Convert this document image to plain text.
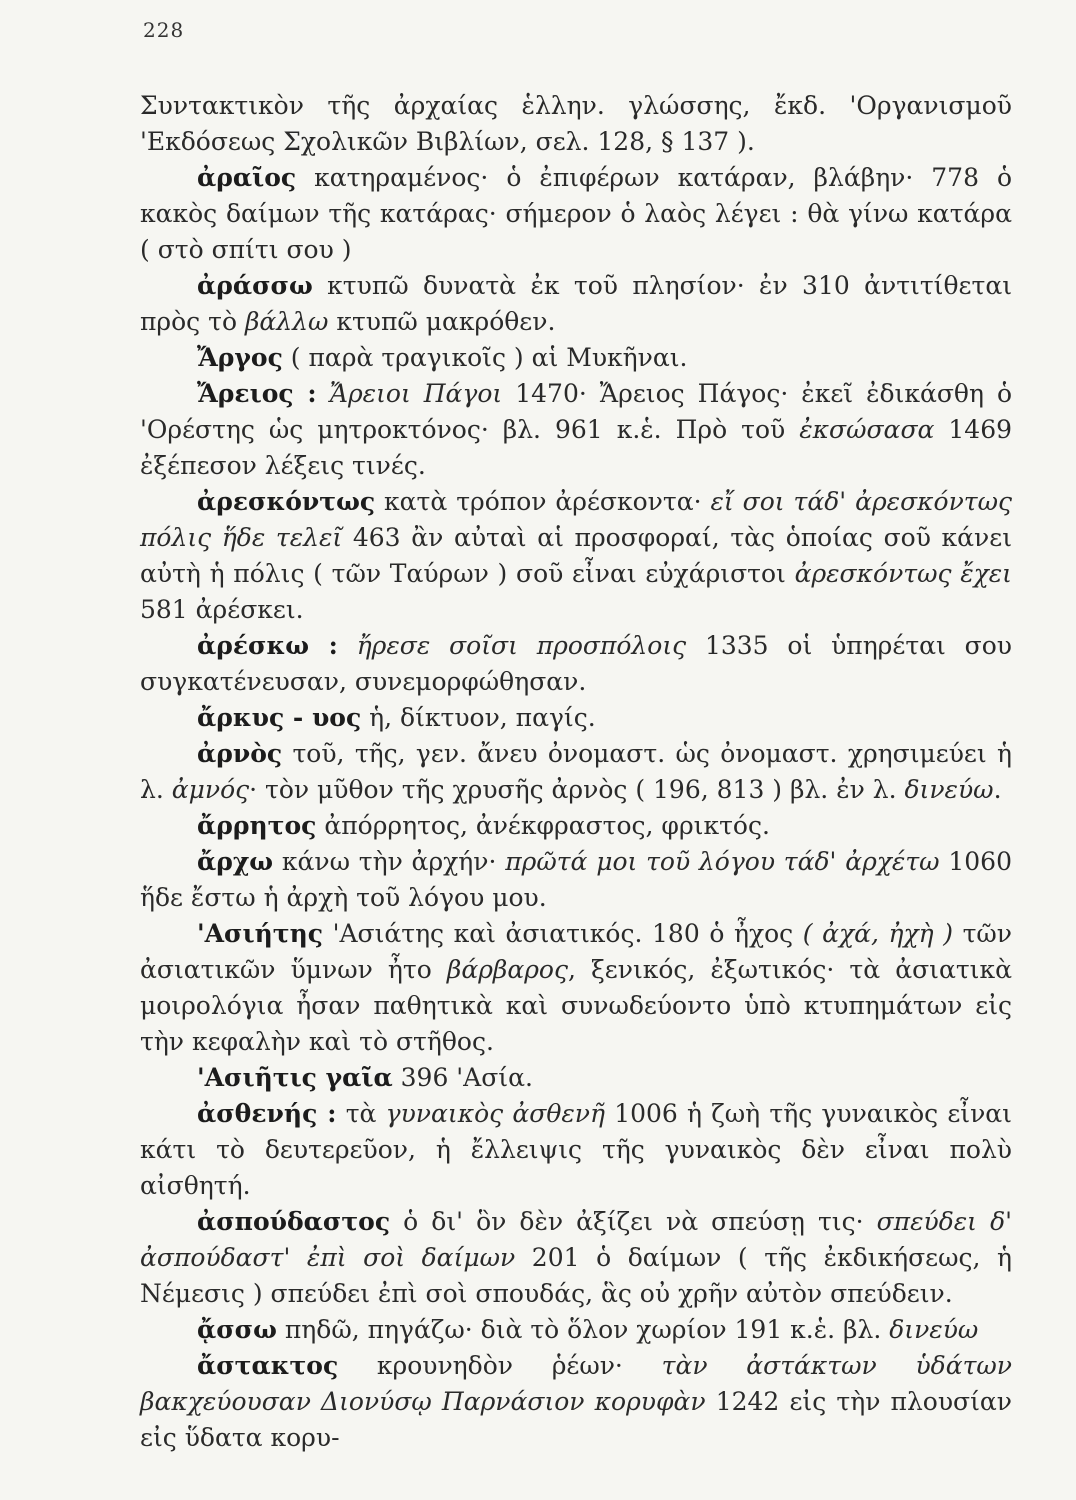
228

Συντακτικὸν τῆς ἀρχαίας ἑλλην. γλώσσης, ἔκδ. 'Οργανισμοῦ 'Εκδόσεως Σχολικῶν Βιβλίων, σελ. 128, § 137 ).

ἀραῖος κατηραμένος· ὁ ἐπιφέρων κατάραν, βλάβην· 778 ὁ κακὸς δαίμων τῆς κατάρας· σήμερον ὁ λαὸς λέγει : θὰ γίνω κατάρα ( στὸ σπίτι σου )

ἀράσσω κτυπῶ δυνατὰ ἐκ τοῦ πλησίον· ἐν 310 ἀντιτίθεται πρὸς τὸ βάλλω κτυπῶ μακρόθεν.

Ἄργος ( παρὰ τραγικοῖς ) αἱ Μυκῆναι.

Ἄρειος : Ἄρειοι Πάγοι 1470· Ἄρειος Πάγος· ἐκεῖ ἐδικάσθη ὁ 'Ορέστης ὡς μητροκτόνος· βλ. 961 κ.ἑ. Πρὸ τοῦ ἐκσώσασα 1469 ἐξέπεσον λέξεις τινές.

ἀρεσκόντως κατὰ τρόπον ἀρέσκοντα· εἴ σοι τάδ' ἀρεσκόντως πόλις ἥδε τελεῖ 463 ἂν αὐταὶ αἱ προσφοραί, τὰς ὁποίας σοῦ κάνει αὐτὴ ἡ πόλις ( τῶν Ταύρων ) σοῦ εἶναι εὐχάριστοι ἀρεσκόντως ἔχει 581 ἀρέσκει.

ἀρέσκω : ἤρεσε σοῖσι προσπόλοις 1335 οἱ ὑπηρέται σου συγκατένευσαν, συνεμορφώθησαν.

ἄρκυς - υος ἡ, δίκτυον, παγίς.

ἀρνὸς τοῦ, τῆς, γεν. ἄνευ ὀνομαστ. ὡς ὀνομαστ. χρησιμεύει ἡ λ. ἀμνός· τὸν μῦθον τῆς χρυσῆς ἀρνὸς ( 196, 813 ) βλ. ἐν λ. δινεύω.

ἄρρητος ἀπόρρητος, ἀνέκφραστος, φρικτός.

ἄρχω κάνω τὴν ἀρχήν· πρῶτά μοι τοῦ λόγου τάδ' ἀρχέτω 1060 ἥδε ἔστω ἡ ἀρχὴ τοῦ λόγου μου.

'Ασιήτης 'Ασιάτης καὶ ἀσιατικός. 180 ὁ ἦχος ( ἀχά, ἠχὴ ) τῶν ἀσιατικῶν ὕμνων ἦτο βάρβαρος, ξενικός, ἐξωτικός· τὰ ἀσιατικὰ μοιρολόγια ἦσαν παθητικὰ καὶ συνωδεύοντο ὑπὸ κτυπημάτων εἰς τὴν κεφαλὴν καὶ τὸ στῆθος.

'Ασιῆτις γαῖα 396 'Ασία.

ἀσθενής : τὰ γυναικὸς ἀσθενῆ 1006 ἡ ζωὴ τῆς γυναικὸς εἶναι κάτι τὸ δευτερεῦον, ἡ ἔλλειψις τῆς γυναικὸς δὲν εἶναι πολὺ αἰσθητή.

ἀσπούδαστος ὁ δι' ὃν δὲν ἀξίζει νὰ σπεύσῃ τις· σπεύδει δ' ἀσπούδαστ' ἐπὶ σοὶ δαίμων 201 ὁ δαίμων ( τῆς ἐκδικήσεως, ἡ Νέμεσις ) σπεύδει ἐπὶ σοὶ σπουδάς, ἃς οὐ χρῆν αὐτὸν σπεύδειν.

ᾄσσω πηδῶ, πηγάζω· διὰ τὸ ὅλον χωρίον 191 κ.ἑ. βλ. δινεύω

ἄστακτος κρουνηδὸν ῥέων· τὰν ἀστάκτων ὑδάτων βακχεύουσαν Διονύσῳ Παρνάσιον κορυφὰν 1242 εἰς τὴν πλουσίαν εἰς ὕδατα κορυ-
